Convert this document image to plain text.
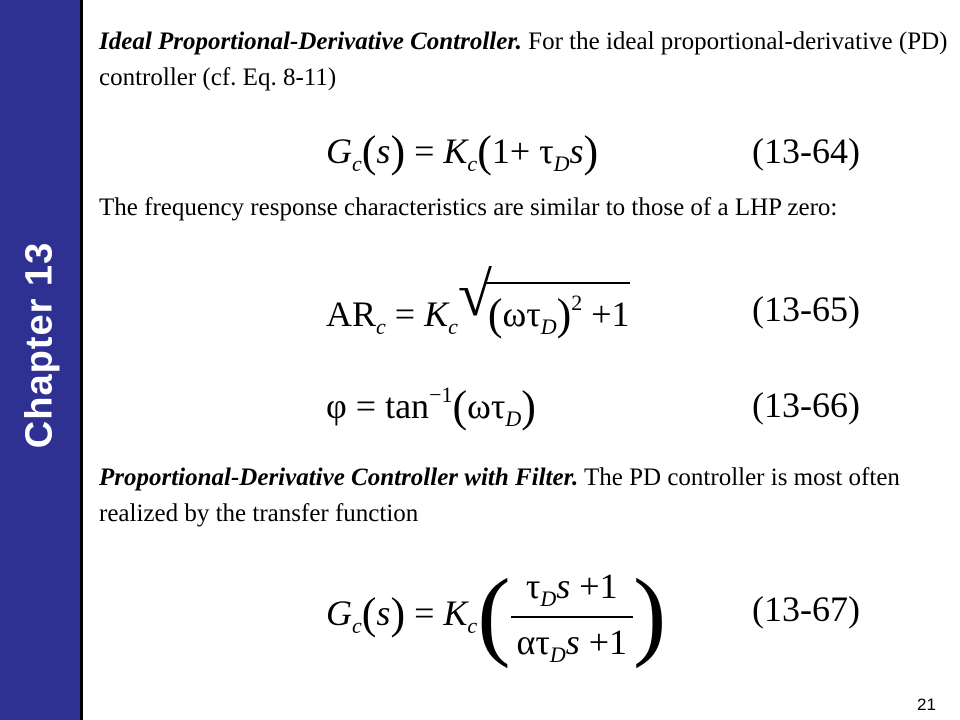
Chapter 13
Ideal Proportional-Derivative Controller. For the ideal proportional-derivative (PD) controller (cf. Eq. 8-11)
$G_c(s) = K_c(1+ \tau_Ds)$	(13-64)
The frequency response characteristics are similar to those of a LHP zero:
$AR_c = K_c$ √
$(\omega\tau_D)^2 +1$	(13-65)
$\varphi = \tan^{-1}(\omega\tau_D)$	(13-66)
Proportional-Derivative Controller with Filter. The PD controller is most often realized by the transfer function
$G_c(s) = K_c( \frac{\tau_Ds +1}{\alpha\tau_Ds +1}$ ) (13-67)
21
